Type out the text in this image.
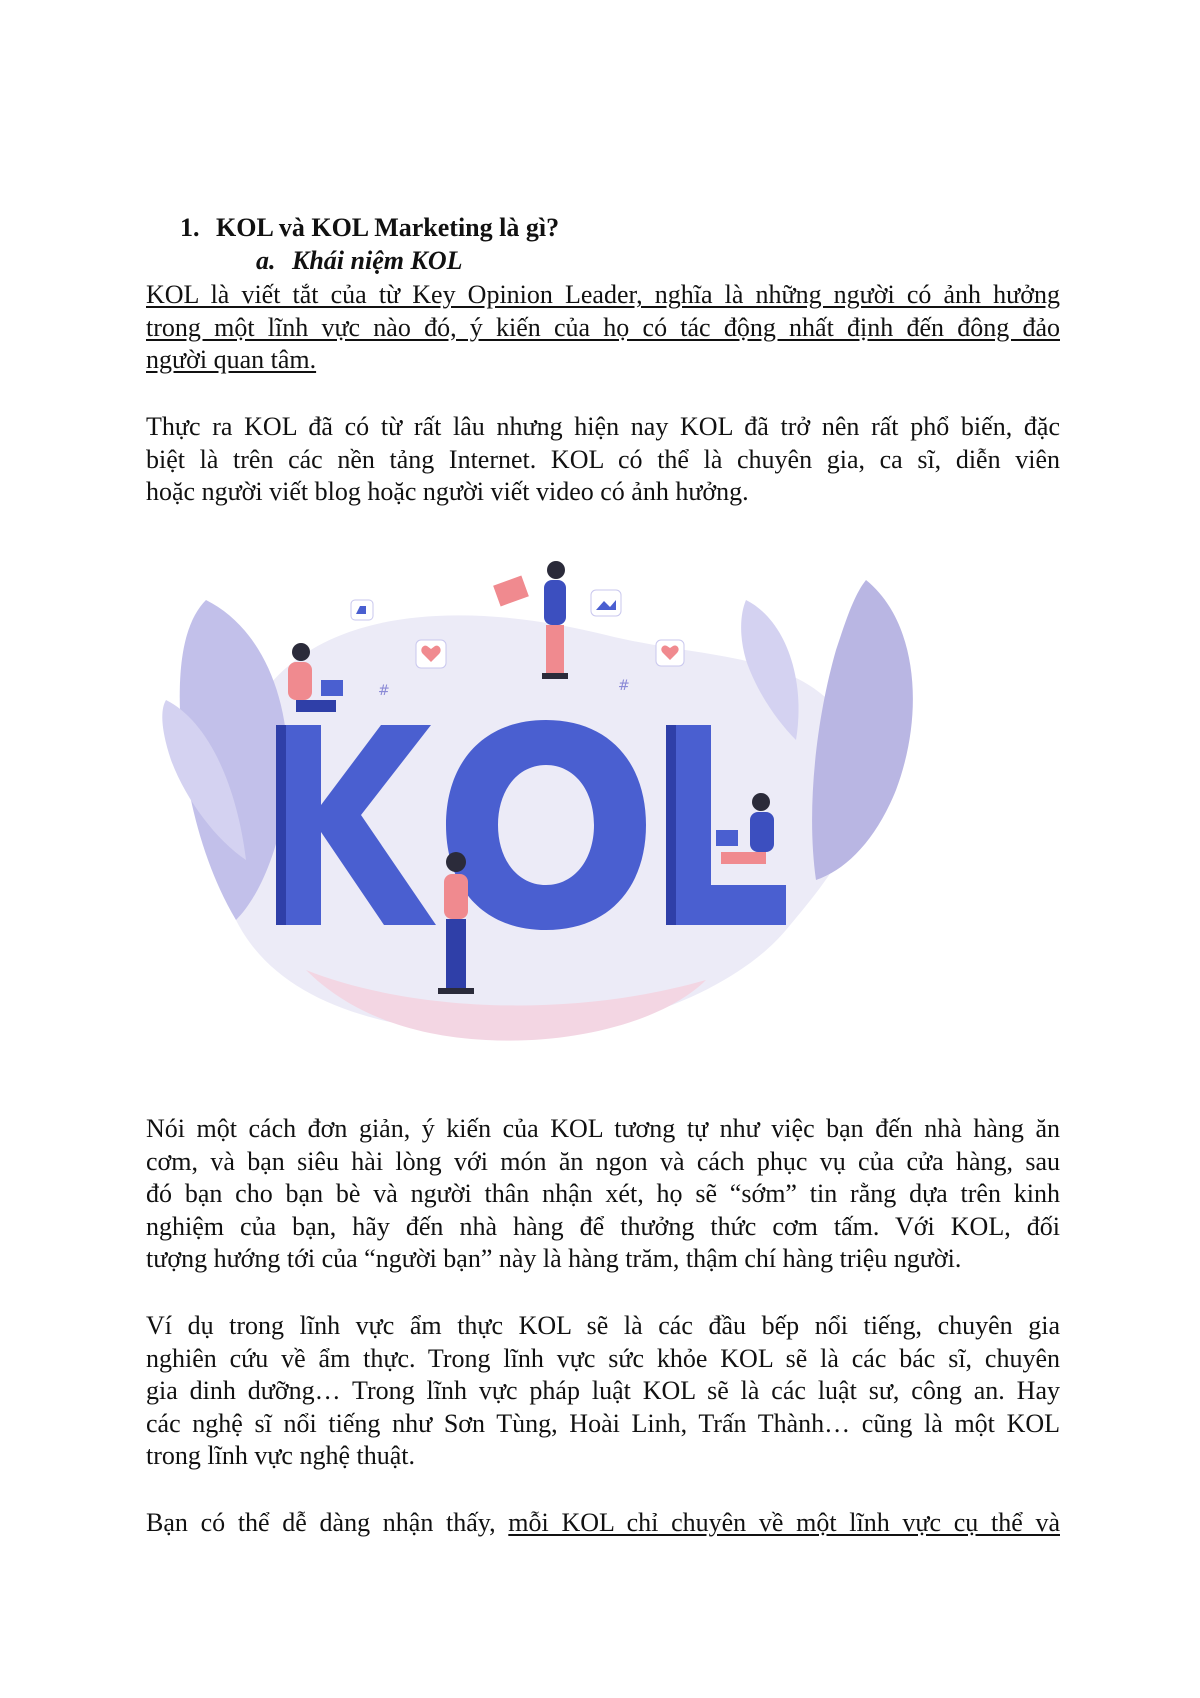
1. KOL và KOL Marketing là gì?
a. Khái niệm KOL
KOL là viết tắt của từ Key Opinion Leader, nghĩa là những người có ảnh hưởng
trong một lĩnh vực nào đó, ý kiến của họ có tác động nhất định đến đông đảo
người quan tâm.
Thực ra KOL đã có từ rất lâu nhưng hiện nay KOL đã trở nên rất phổ biến, đặc
biệt là trên các nền tảng Internet. KOL có thể là chuyên gia, ca sĩ, diễn viên
hoặc người viết blog hoặc người viết video có ảnh hưởng.
#	#
Nói một cách đơn giản, ý kiến của KOL tương tự như việc bạn đến nhà hàng ăn
cơm, và bạn siêu hài lòng với món ăn ngon và cách phục vụ của cửa hàng, sau
đó bạn cho bạn bè và người thân nhận xét, họ sẽ “sớm” tin rằng dựa trên kinh
nghiệm của bạn, hãy đến nhà hàng để thưởng thức cơm tấm. Với KOL, đối
tượng hướng tới của “người bạn” này là hàng trăm, thậm chí hàng triệu người.
Ví dụ trong lĩnh vực ẩm thực KOL sẽ là các đầu bếp nổi tiếng, chuyên gia
nghiên cứu về ẩm thực. Trong lĩnh vực sức khỏe KOL sẽ là các bác sĩ, chuyên
gia dinh dưỡng… Trong lĩnh vực pháp luật KOL sẽ là các luật sư, công an. Hay
các nghệ sĩ nổi tiếng như Sơn Tùng, Hoài Linh, Trấn Thành… cũng là một KOL
trong lĩnh vực nghệ thuật.
Bạn có thể dễ dàng nhận thấy, mỗi KOL chỉ chuyên về một lĩnh vực cụ thể và
